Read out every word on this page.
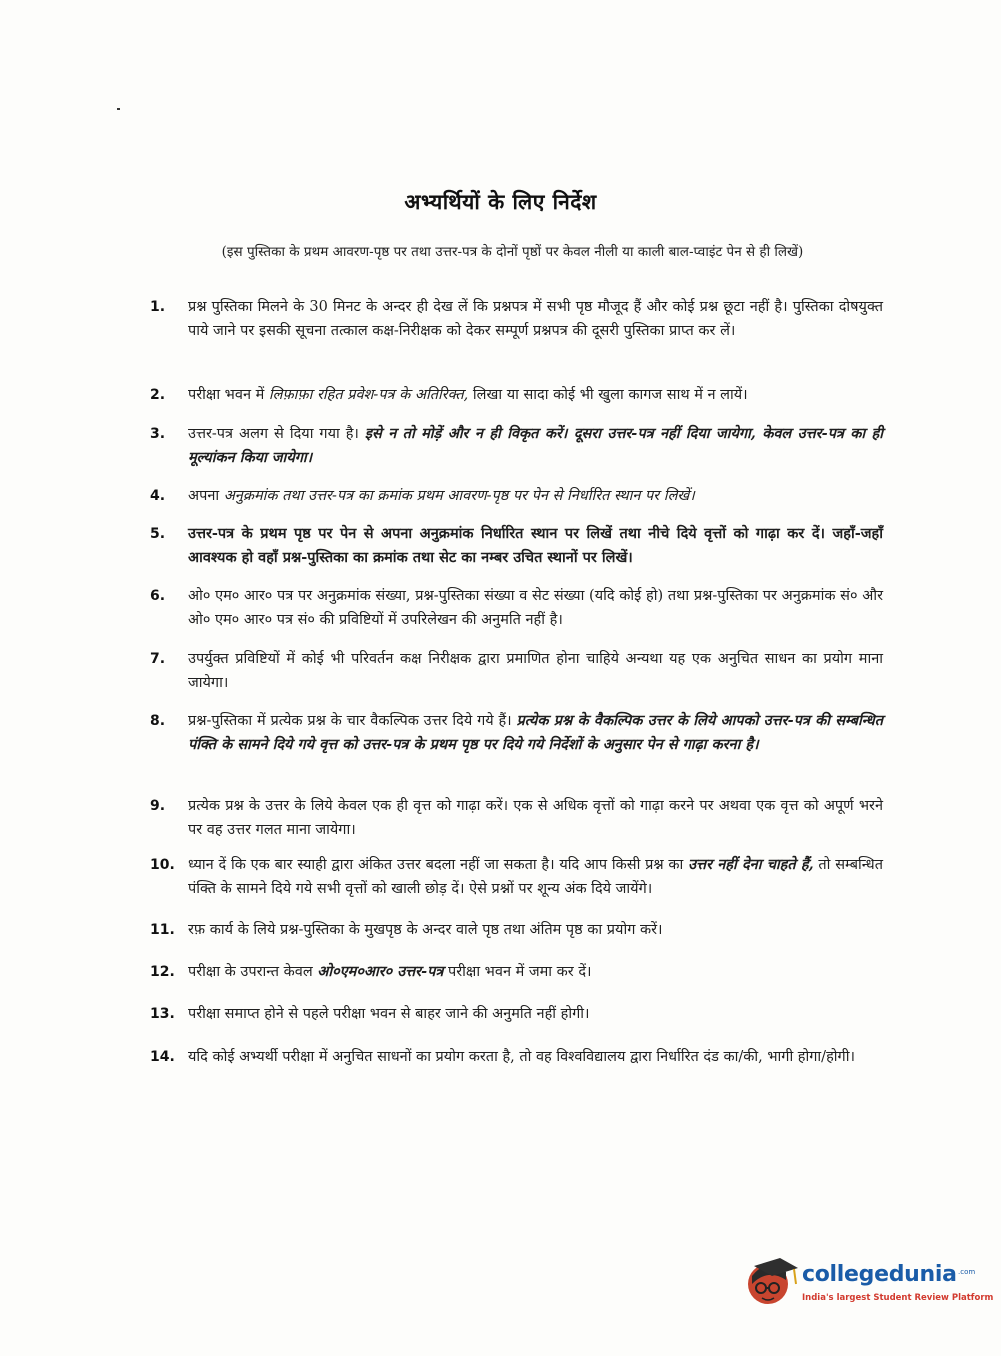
अभ्यर्थियों के लिए निर्देश
(इस पुस्तिका के प्रथम आवरण-पृष्ठ पर तथा उत्तर-पत्र के दोनों पृष्ठों पर केवल नीली या काली बाल-प्वाइंट पेन से ही लिखें)
1.	प्रश्न पुस्तिका मिलने के 30 मिनट के अन्दर ही देख लें कि प्रश्नपत्र में सभी पृष्ठ मौजूद हैं और कोई प्रश्न छूटा नहीं है। पुस्तिका दोषयुक्त पाये जाने पर इसकी सूचना तत्काल कक्ष-निरीक्षक को देकर सम्पूर्ण प्रश्नपत्र की दूसरी पुस्तिका प्राप्त कर लें।
2.	परीक्षा भवन में लिफ़ाफ़ा रहित प्रवेश-पत्र के अतिरिक्त, लिखा या सादा कोई भी खुला कागज साथ में न लायें।
3.	उत्तर-पत्र अलग से दिया गया है। इसे न तो मोड़ें और न ही विकृत करें। दूसरा उत्तर-पत्र नहीं दिया जायेगा, केवल उत्तर-पत्र का ही मूल्यांकन किया जायेगा।
4.	अपना अनुक्रमांक तथा उत्तर-पत्र का क्रमांक प्रथम आवरण-पृष्ठ पर पेन से निर्धारित स्थान पर लिखें।
5.	उत्तर-पत्र के प्रथम पृष्ठ पर पेन से अपना अनुक्रमांक निर्धारित स्थान पर लिखें तथा नीचे दिये वृत्तों को गाढ़ा कर दें। जहाँ-जहाँ आवश्यक हो वहाँ प्रश्न-पुस्तिका का क्रमांक तथा सेट का नम्बर उचित स्थानों पर लिखें।
6.	ओ० एम० आर० पत्र पर अनुक्रमांक संख्या, प्रश्न-पुस्तिका संख्या व सेट संख्या (यदि कोई हो) तथा प्रश्न-पुस्तिका पर अनुक्रमांक सं० और ओ० एम० आर० पत्र सं० की प्रविष्टियों में उपरिलेखन की अनुमति नहीं है।
7.	उपर्युक्त प्रविष्टियों में कोई भी परिवर्तन कक्ष निरीक्षक द्वारा प्रमाणित होना चाहिये अन्यथा यह एक अनुचित साधन का प्रयोग माना जायेगा।
8.	प्रश्न-पुस्तिका में प्रत्येक प्रश्न के चार वैकल्पिक उत्तर दिये गये हैं। प्रत्येक प्रश्न के वैकल्पिक उत्तर के लिये आपको उत्तर-पत्र की सम्बन्धित पंक्ति के सामने दिये गये वृत्त को उत्तर-पत्र के प्रथम पृष्ठ पर दिये गये निर्देशों के अनुसार पेन से गाढ़ा करना है।
9.	प्रत्येक प्रश्न के उत्तर के लिये केवल एक ही वृत्त को गाढ़ा करें। एक से अधिक वृत्तों को गाढ़ा करने पर अथवा एक वृत्त को अपूर्ण भरने पर वह उत्तर गलत माना जायेगा।
10. ध्यान दें कि एक बार स्याही द्वारा अंकित उत्तर बदला नहीं जा सकता है। यदि आप किसी प्रश्न का उत्तर नहीं देना चाहते हैं, तो सम्बन्धित पंक्ति के सामने दिये गये सभी वृत्तों को खाली छोड़ दें। ऐसे प्रश्नों पर शून्य अंक दिये जायेंगे।
11. रफ़ कार्य के लिये प्रश्न-पुस्तिका के मुखपृष्ठ के अन्दर वाले पृष्ठ तथा अंतिम पृष्ठ का प्रयोग करें।
12. परीक्षा के उपरान्त केवल ओ०एम०आर० उत्तर-पत्र परीक्षा भवन में जमा कर दें।
13. परीक्षा समाप्त होने से पहले परीक्षा भवन से बाहर जाने की अनुमति नहीं होगी।
14. यदि कोई अभ्यर्थी परीक्षा में अनुचित साधनों का प्रयोग करता है, तो वह विश्वविद्यालय द्वारा निर्धारित दंड का/की, भागी होगा/होगी।
collegedunia .com
India's largest Student Review Platform
